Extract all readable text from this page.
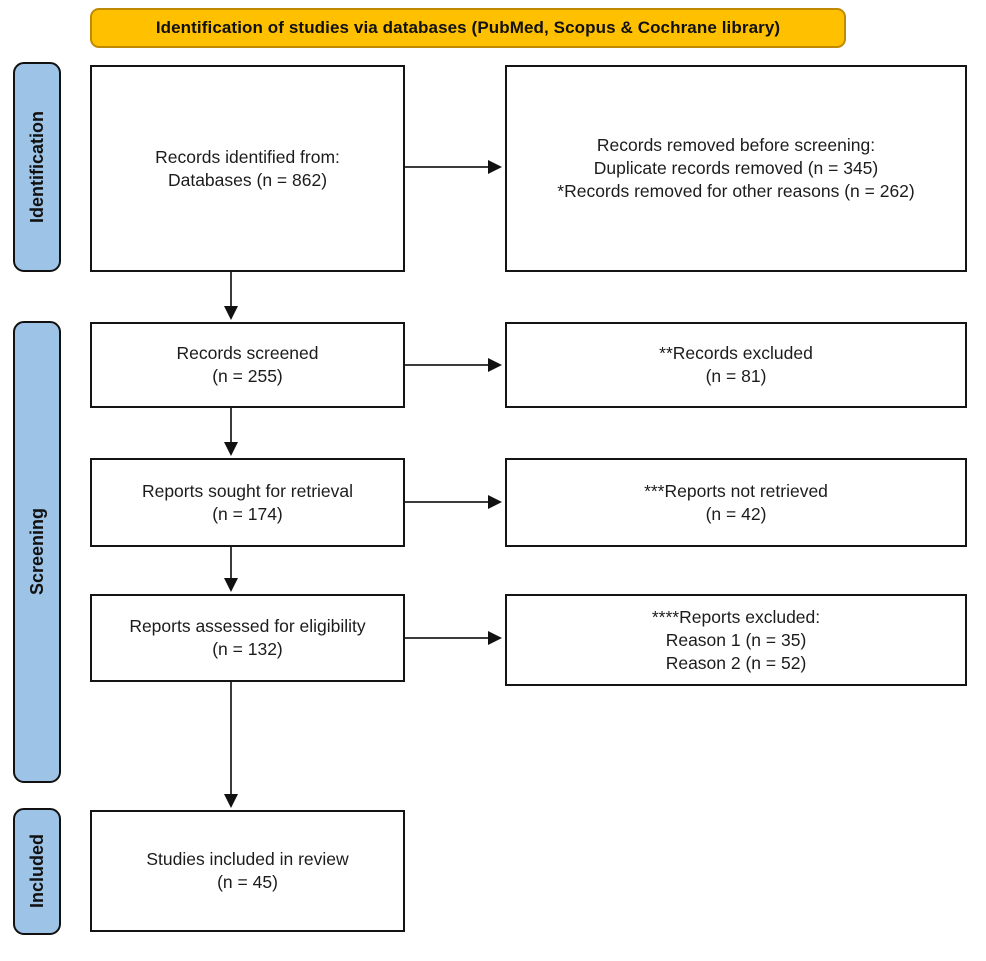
Identification of studies via databases (PubMed, Scopus & Cochrane library)
Identification
Screening
Included
Records identified from:
Databases (n = 862)
Records screened
(n = 255)
Reports sought for retrieval
(n = 174)
Reports assessed for eligibility
(n = 132)
Studies included in review
(n = 45)
Records removed before screening:
Duplicate records removed (n = 345)
*Records removed for other reasons (n = 262)
**Records excluded
(n = 81)
***Reports not retrieved
(n = 42)
****Reports excluded:
Reason 1 (n = 35)
Reason 2 (n = 52)
